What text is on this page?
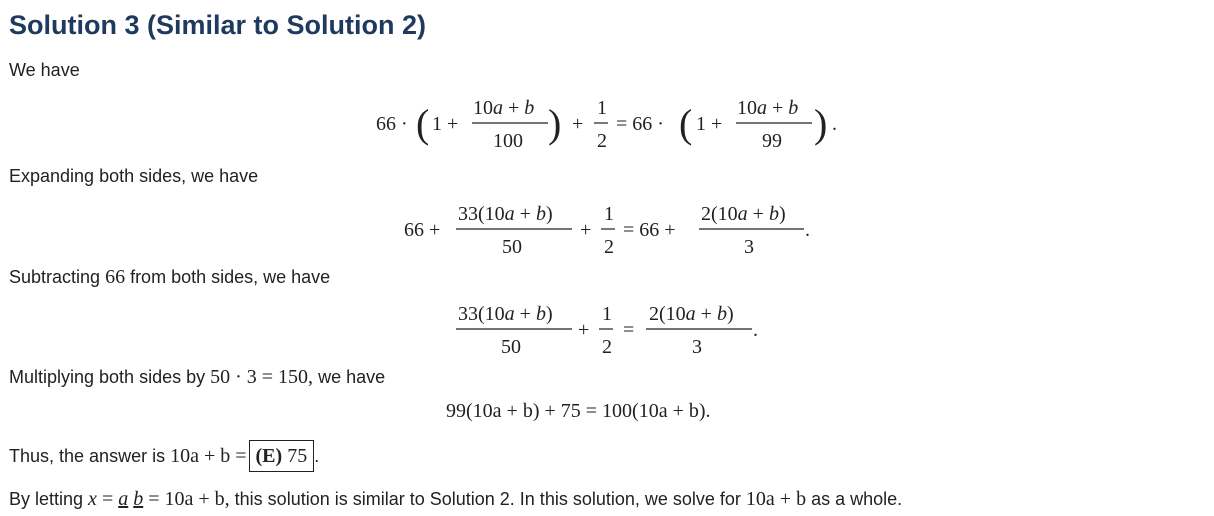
Solution 3 (Similar to Solution 2)
We have
66 · ( 1 +
10a + b
100 ) +
1
2
= 66 · ( 1 +
10a + b
99 ) .
Expanding both sides, we have
66 +
33(10a + b)
50
+
1
2
= 66 +
2(10a + b)
3
.
Subtracting 66 from both sides, we have
33(10a + b)
50
+
1
2
=
2(10a + b)
3
.
Multiplying both sides by 50 · 3 = 150, we have
99(10a + b) + 75 = 100(10a + b).
Thus, the answer is 10a + b = (E) 75 .
By letting x = a b = 10a + b, this solution is similar to Solution 2. In this solution, we solve for 10a + b as a whole.
